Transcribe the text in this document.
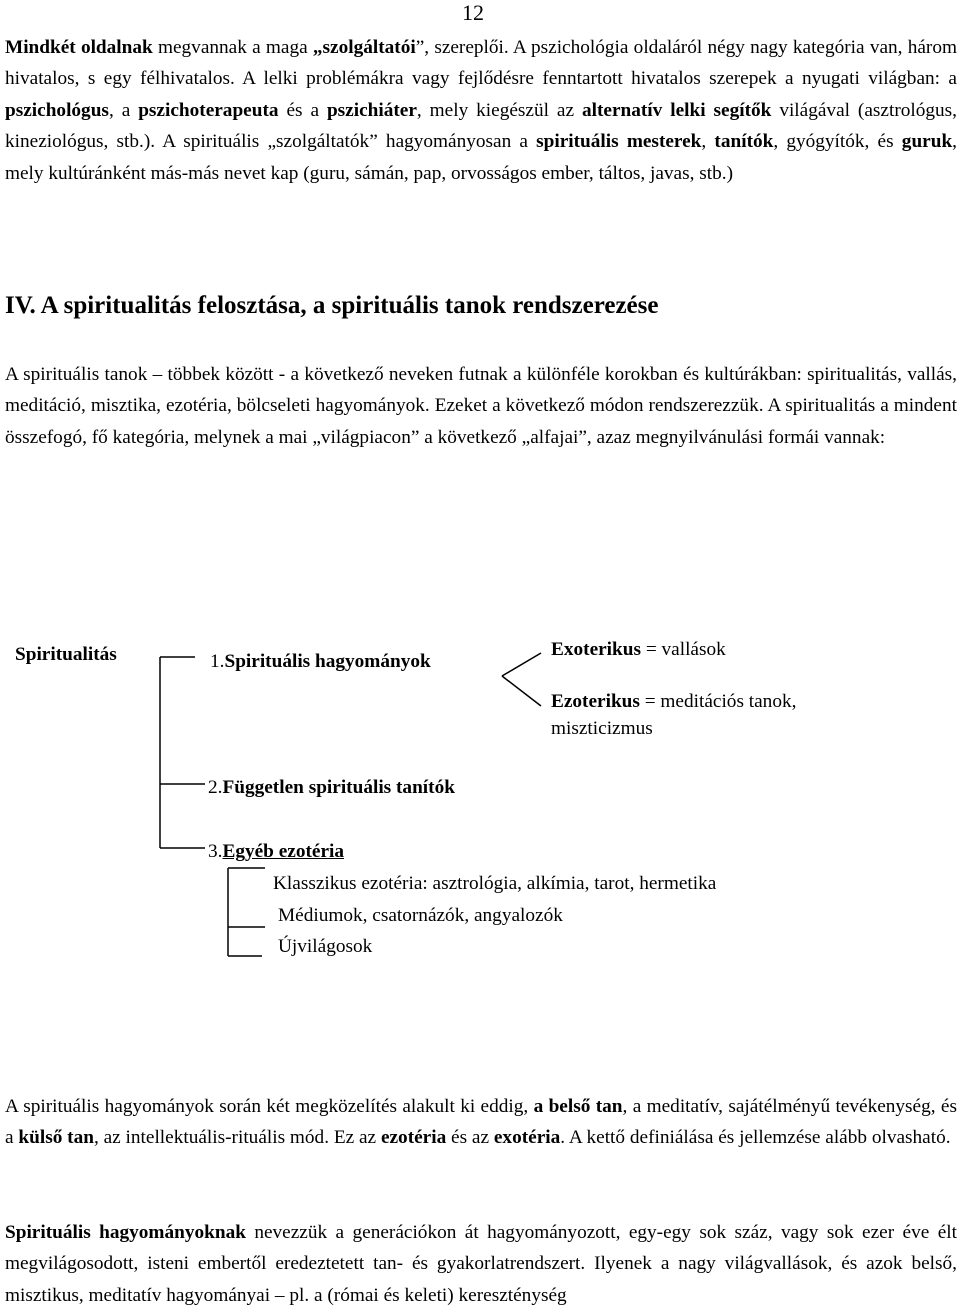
12

Mindkét oldalnak megvannak a maga „szolgáltatói”, szereplői. A pszichológia oldaláról négy nagy kategória van, három hivatalos, s egy félhivatalos. A lelki problémákra vagy fejlődésre fenntartott hivatalos szerepek a nyugati világban: a pszichológus, a pszichoterapeuta és a pszichiáter, mely kiegészül az alternatív lelki segítők világával (asztrológus, kineziológus, stb.). A spirituális „szolgáltatók” hagyományosan a spirituális mesterek, tanítók, gyógyítók, és guruk, mely kultúránként más-más nevet kap (guru, sámán, pap, orvosságos ember, táltos, javas, stb.)

IV. A spiritualitás felosztása, a spirituális tanok rendszerezése

A spirituális tanok – többek között - a következő neveken futnak a különféle korokban és kultúrákban: spiritualitás, vallás, meditáció, misztika, ezotéria, bölcseleti hagyományok. Ezeket a következő módon rendszerezzük. A spiritualitás a mindent összefogó, fő kategória, melynek a mai „világpiacon” a következő „alfajai”, azaz megnyilvánulási formái vannak:

Spiritualitás	1.Spirituális hagyományok
Exoterikus = vallások
Ezoterikus = meditációs tanok,
miszticizmus
2.Független spirituális tanítók
3.Egyéb ezotéria
Klasszikus ezotéria: asztrológia, alkímia, tarot, hermetika
Médiumok, csatornázók, angyalozók
Újvilágosok

A spirituális hagyományok során két megközelítés alakult ki eddig, a belső tan, a meditatív, sajátélményű tevékenység, és a külső tan, az intellektuális-rituális mód. Ez az ezotéria és az exotéria. A kettő definiálása és jellemzése alább olvasható.

Spirituális hagyományoknak nevezzük a generációkon át hagyományozott, egy-egy sok száz, vagy sok ezer éve élt megvilágosodott, isteni embertől eredeztetett tan- és gyakorlatrendszert. Ilyenek a nagy világvallások, és azok belső, misztikus, meditatív hagyományai – pl. a (római és keleti) kereszténység
